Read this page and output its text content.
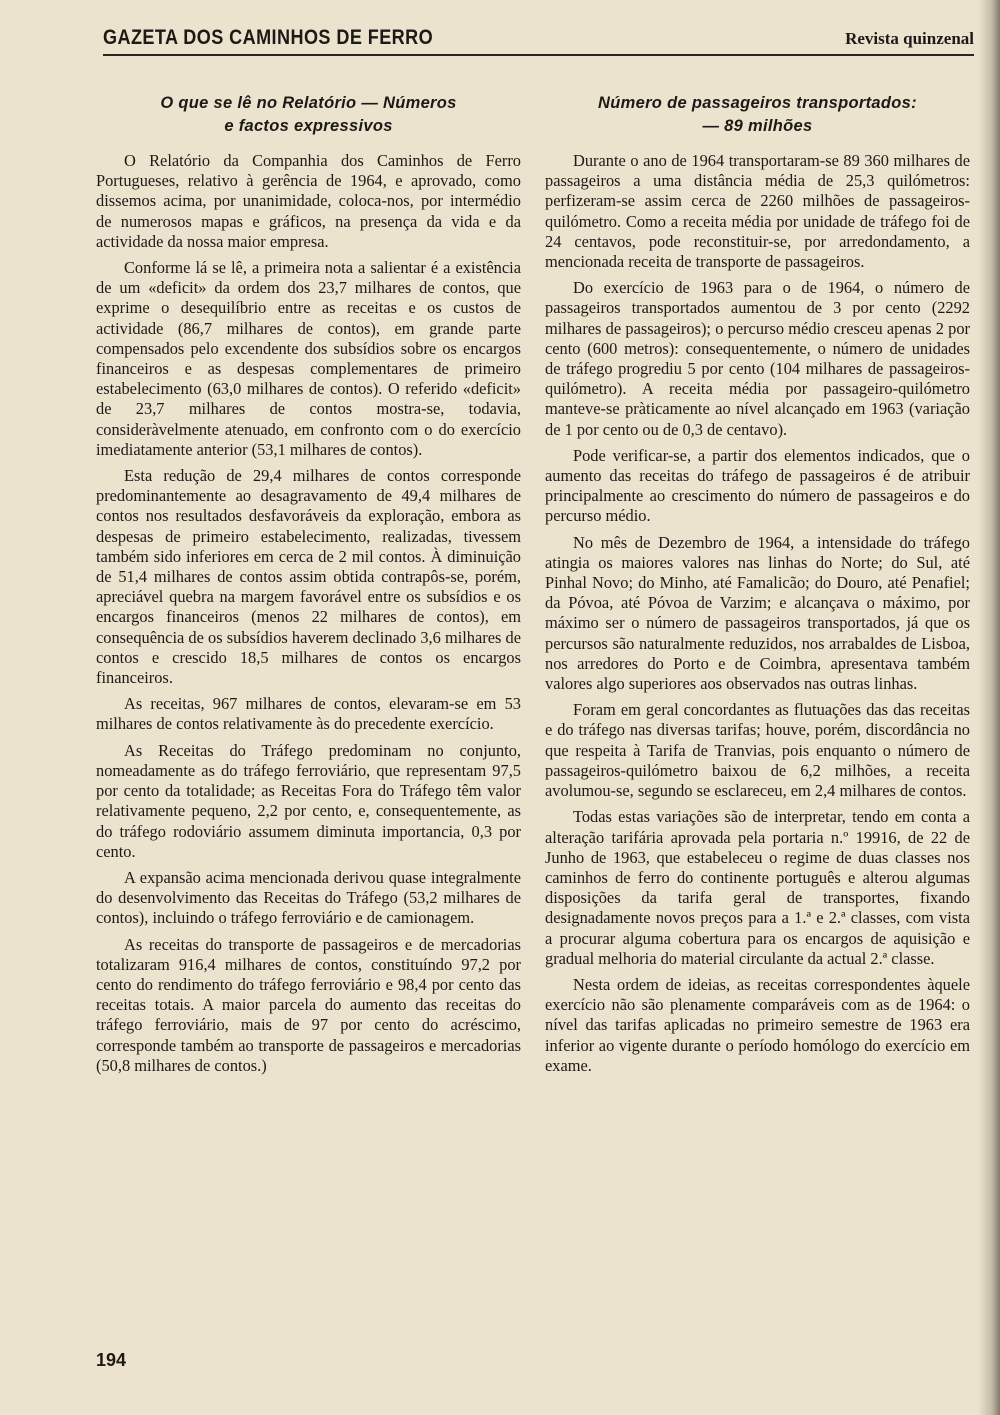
GAZETA DOS CAMINHOS DE FERRO	Revista quinzenal
O que se lê no Relatório — Números
e factos expressivos

O Relatório da Companhia dos Caminhos de Ferro Portugueses, relativo à gerência de 1964, e aprovado, como dissemos acima, por unanimidade, coloca-nos, por intermédio de numerosos mapas e gráficos, na presença da vida e da actividade da nossa maior empresa.

Conforme lá se lê, a primeira nota a salientar é a existência de um «deficit» da ordem dos 23,7 milhares de contos, que exprime o desequilíbrio entre as receitas e os custos de actividade (86,7 milhares de contos), em grande parte compensados pelo excendente dos subsídios sobre os encargos financeiros e as despesas complementares de primeiro estabelecimento (63,0 milhares de contos). O referido «deficit» de 23,7 milhares de contos mostra-se, todavia, consideràvelmente atenuado, em confronto com o do exercício imediatamente anterior (53,1 milhares de contos).

Esta redução de 29,4 milhares de contos corresponde predominantemente ao desagravamento de 49,4 milhares de contos nos resultados desfavoráveis da exploração, embora as despesas de primeiro estabelecimento, realizadas, tivessem também sido inferiores em cerca de 2 mil contos. À diminuição de 51,4 milhares de contos assim obtida contrapôs-se, porém, apreciável quebra na margem favorável entre os subsídios e os encargos financeiros (menos 22 milhares de contos), em consequência de os subsídios haverem declinado 3,6 milhares de contos e crescido 18,5 milhares de contos os encargos financeiros.

As receitas, 967 milhares de contos, elevaram-se em 53 milhares de contos relativamente às do precedente exercício.

As Receitas do Tráfego predominam no conjunto, nomeadamente as do tráfego ferroviário, que representam 97,5 por cento da totalidade; as Receitas Fora do Tráfego têm valor relativamente pequeno, 2,2 por cento, e, consequentemente, as do tráfego rodoviário assumem diminuta importancia, 0,3 por cento.

A expansão acima mencionada derivou quase integralmente do desenvolvimento das Receitas do Tráfego (53,2 milhares de contos), incluindo o tráfego ferroviário e de camionagem.

As receitas do transporte de passageiros e de mercadorias totalizaram 916,4 milhares de contos, constituíndo 97,2 por cento do rendimento do tráfego ferroviário e 98,4 por cento das receitas totais. A maior parcela do aumento das receitas do tráfego ferroviário, mais de 97 por cento do acréscimo, corresponde também ao transporte de passageiros e mercadorias (50,8 milhares de contos.)

Número de passageiros transportados:
— 89 milhões

Durante o ano de 1964 transportaram-se 89 360 milhares de passageiros a uma distância média de 25,3 quilómetros: perfizeram-se assim cerca de 2260 milhões de passageiros-quilómetro. Como a receita média por unidade de tráfego foi de 24 centavos, pode reconstituir-se, por arredondamento, a mencionada receita de transporte de passageiros.

Do exercício de 1963 para o de 1964, o número de passageiros transportados aumentou de 3 por cento (2292 milhares de passageiros); o percurso médio cresceu apenas 2 por cento (600 metros): consequentemente, o número de unidades de tráfego progrediu 5 por cento (104 milhares de passageiros-quilómetro). A receita média por passageiro-quilómetro manteve-se pràticamente ao nível alcançado em 1963 (variação de 1 por cento ou de 0,3 de centavo).

Pode verificar-se, a partir dos elementos indicados, que o aumento das receitas do tráfego de passageiros é de atribuir principalmente ao crescimento do número de passageiros e do percurso médio.

No mês de Dezembro de 1964, a intensidade do tráfego atingia os maiores valores nas linhas do Norte; do Sul, até Pinhal Novo; do Minho, até Famalicão; do Douro, até Penafiel; da Póvoa, até Póvoa de Varzim; e alcançava o máximo, por máximo ser o número de passageiros transportados, já que os percursos são naturalmente reduzidos, nos arrabaldes de Lisboa, nos arredores do Porto e de Coimbra, apresentava também valores algo superiores aos observados nas outras linhas.

Foram em geral concordantes as flutuações das das receitas e do tráfego nas diversas tarifas; houve, porém, discordância no que respeita à Tarifa de Tranvias, pois enquanto o número de passageiros-quilómetro baixou de 6,2 milhões, a receita avolumou-se, segundo se esclareceu, em 2,4 milhares de contos.

Todas estas variações são de interpretar, tendo em conta a alteração tarifária aprovada pela portaria n.º 19916, de 22 de Junho de 1963, que estabeleceu o regime de duas classes nos caminhos de ferro do continente português e alterou algumas disposições da tarifa geral de transportes, fixando designadamente novos preços para a 1.ª e 2.ª classes, com vista a procurar alguma cobertura para os encargos de aquisição e gradual melhoria do material circulante da actual 2.ª classe.

Nesta ordem de ideias, as receitas correspondentes àquele exercício não são plenamente comparáveis com as de 1964: o nível das tarifas aplicadas no primeiro semestre de 1963 era inferior ao vigente durante o período homólogo do exercício em exame.

194
